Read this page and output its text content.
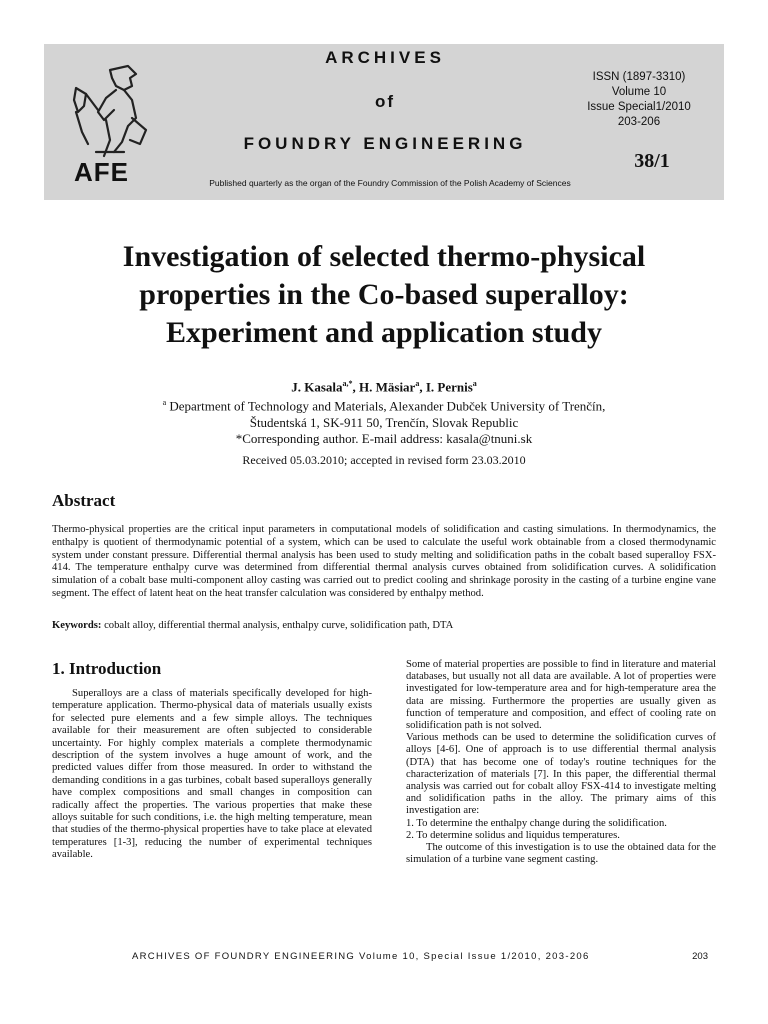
AFE
ARCHIVES
of
FOUNDRY ENGINEERING
Published quarterly as the organ of the Foundry Commission of the Polish Academy of Sciences
ISSN (1897-3310)
Volume 10
Issue Special1/2010
203-206
38/1
Investigation of selected thermo-physical properties in the Co-based superalloy: Experiment and application study
J. Kasala$^{a,*}$, H. Mäsiar$^a$, I. Pernis$^a$
$^a$ Department of Technology and Materials, Alexander Dubček University of Trenčín,
Študentská 1, SK-911 50, Trenčín, Slovak Republic
*Corresponding author. E-mail address: kasala@tnuni.sk
Received 05.03.2010; accepted in revised form 23.03.2010
Abstract
Thermo-physical properties are the critical input parameters in computational models of solidification and casting simulations. In thermodynamics, the enthalpy is quotient of thermodynamic potential of a system, which can be used to calculate the useful work obtainable from a closed thermodynamic system under constant pressure. Differential thermal analysis has been used to study melting and solidification paths in the cobalt based superalloy FSX-414. The temperature enthalpy curve was determined from differential thermal analysis curves obtained from solidification curves. A solidification simulation of a cobalt base multi-component alloy casting was carried out to predict cooling and shrinkage porosity in the casting of a turbine engine vane segment. The effect of latent heat on the heat transfer calculation was considered by enthalpy method.
Keywords: cobalt alloy, differential thermal analysis, enthalpy curve, solidification path, DTA
1. Introduction
Superalloys are a class of materials specifically developed for high-temperature application. Thermo-physical data of materials usually exists for selected pure elements and a few simple alloys. The techniques available for their measurement are often subjected to considerable uncertainty. For highly complex materials a complete thermodynamic description of the system involves a huge amount of work, and the predicted values differ from those measured. In order to withstand the demanding conditions in a gas turbines, cobalt based superalloys generally have complex compositions and small changes in composition can radically affect the properties. The various properties that make these alloys suitable for such conditions, i.e. the high melting temperature, mean that studies of the thermo-physical properties have to take place at elevated temperatures [1-3], reducing the number of experimental techniques available.

Some of material properties are possible to find in literature and material databases, but usually not all data are available. A lot of properties were investigated for low-temperature area and for high-temperature area the data are missing. Furthermore the properties are usually given as function of temperature and composition, and effect of cooling rate on solidification path is not solved.

Various methods can be used to determine the solidification curves of alloys [4-6]. One of approach is to use differential thermal analysis (DTA) that has become one of today's routine techniques for the characterization of materials [7]. In this paper, the differential thermal analysis was carried out for cobalt alloy FSX-414 to investigate melting and solidification paths in the alloy. The primary aims of this investigation are:

1. To determine the enthalpy change during the solidification.

2. To determine solidus and liquidus temperatures.

The outcome of this investigation is to use the obtained data for the simulation of a turbine vane segment casting.

ARCHIVES OF FOUNDRY ENGINEERING Volume 10, Special Issue 1/2010, 203-206	203
